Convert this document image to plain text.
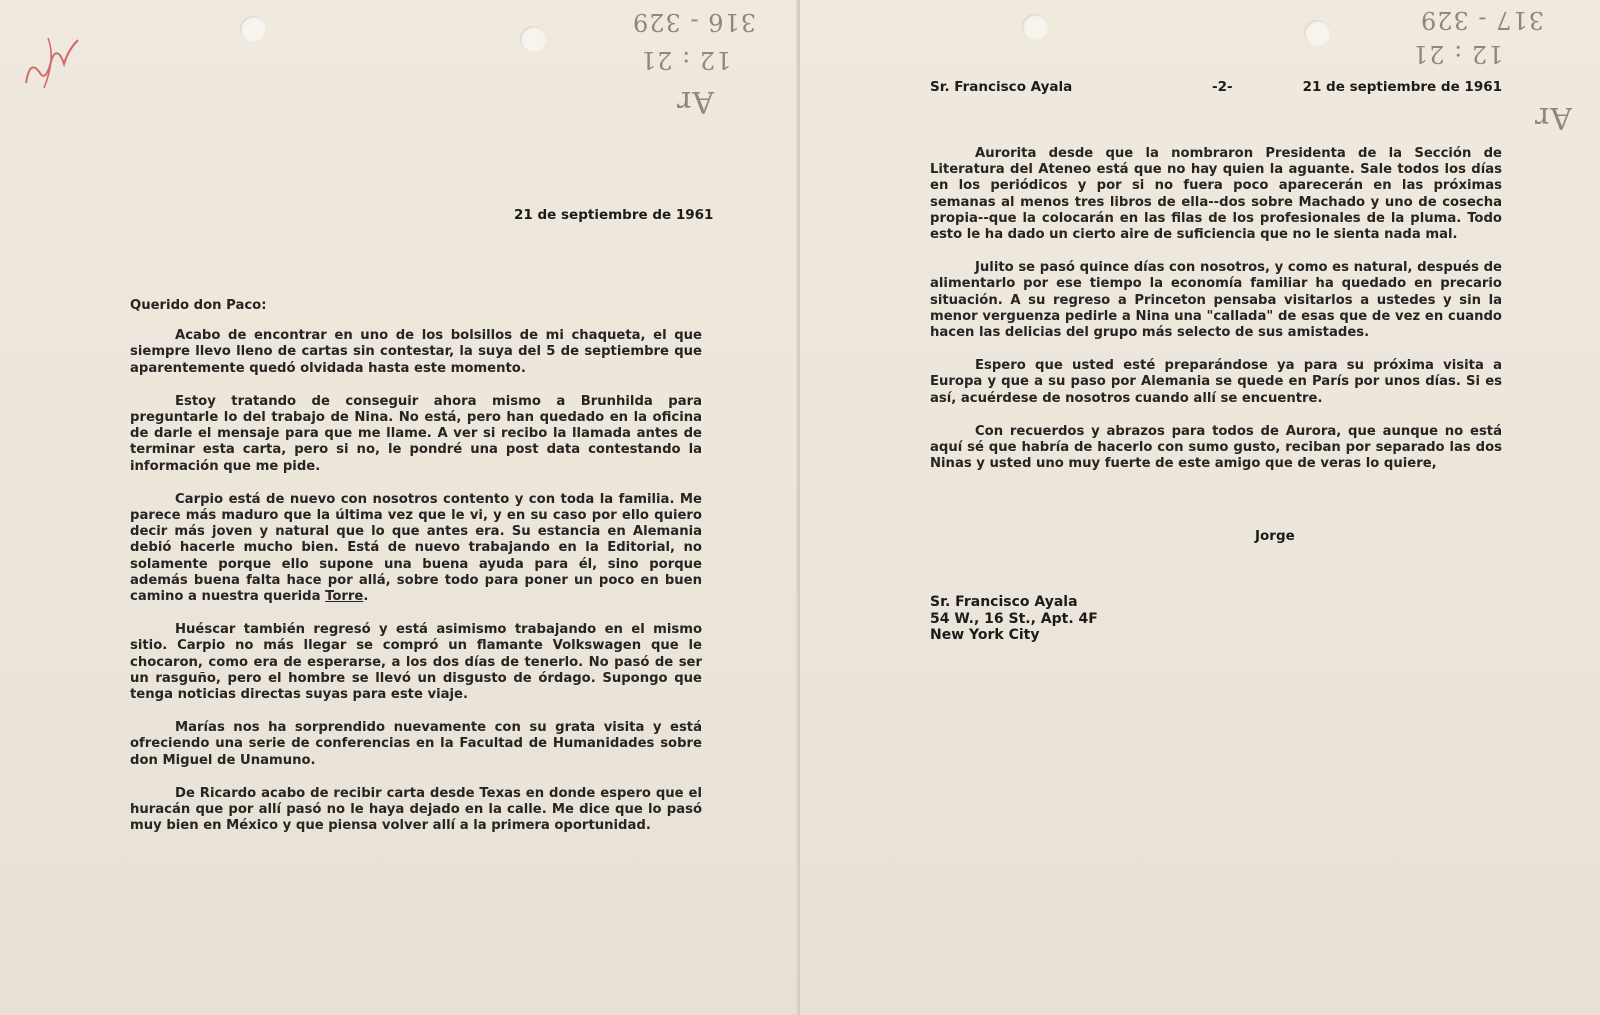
316 - 329
12 : 21
Ar
21 de septiembre de 1961

Querido don Paco:

Acabo de encontrar en uno de los bolsillos de mi chaqueta, el que siempre llevo lleno de cartas sin contestar, la suya del 5 de septiembre que aparentemente quedó olvidada hasta este momento.

Estoy tratando de conseguir ahora mismo a Brunhilda para preguntarle lo del trabajo de Nina. No está, pero han quedado en la oficina de darle el mensaje para que me llame. A ver si recibo la llamada antes de terminar esta carta, pero si no, le pondré una post data contestando la información que me pide.

Carpio está de nuevo con nosotros contento y con toda la familia. Me parece más maduro que la última vez que le vi, y en su caso por ello quiero decir más joven y natural que lo que antes era. Su estancia en Alemania debió hacerle mucho bien. Está de nuevo trabajando en la Editorial, no solamente porque ello supone una buena ayuda para él, sino porque además buena falta hace por allá, sobre todo para poner un poco en buen camino a nuestra querida Torre.

Huéscar también regresó y está asimismo trabajando en el mismo sitio. Carpio no más llegar se compró un flamante Volkswagen que le chocaron, como era de esperarse, a los dos días de tenerlo. No pasó de ser un rasguño, pero el hombre se llevó un disgusto de órdago. Supongo que tenga noticias directas suyas para este viaje.

Marías nos ha sorprendido nuevamente con su grata visita y está ofreciendo una serie de conferencias en la Facultad de Humanidades sobre don Miguel de Unamuno.

De Ricardo acabo de recibir carta desde Texas en donde espero que el huracán que por allí pasó no le haya dejado en la calle. Me dice que lo pasó muy bien en México y que piensa volver allí a la primera oportunidad.

317 - 329
12 : 21
Ar
Sr. Francisco Ayala	-2-	21 de septiembre de 1961

Aurorita desde que la nombraron Presidenta de la Sección de Literatura del Ateneo está que no hay quien la aguante. Sale todos los días en los periódicos y por si no fuera poco aparecerán en las próximas semanas al menos tres libros de ella--dos sobre Machado y uno de cosecha propia--que la colocarán en las filas de los profesionales de la pluma. Todo esto le ha dado un cierto aire de suficiencia que no le sienta nada mal.

Julito se pasó quince días con nosotros, y como es natural, después de alimentarlo por ese tiempo la economía familiar ha quedado en precario situación. A su regreso a Princeton pensaba visitarlos a ustedes y sin la menor verguenza pedirle a Nina una "callada" de esas que de vez en cuando hacen las delicias del grupo más selecto de sus amistades.

Espero que usted esté preparándose ya para su próxima visita a Europa y que a su paso por Alemania se quede en París por unos días. Si es así, acuérdese de nosotros cuando allí se encuentre.

Con recuerdos y abrazos para todos de Aurora, que aunque no está aquí sé que habría de hacerlo con sumo gusto, reciban por separado las dos Ninas y usted uno muy fuerte de este amigo que de veras lo quiere,

Jorge
Sr. Francisco Ayala
54 W., 16 St., Apt. 4F
New York City
